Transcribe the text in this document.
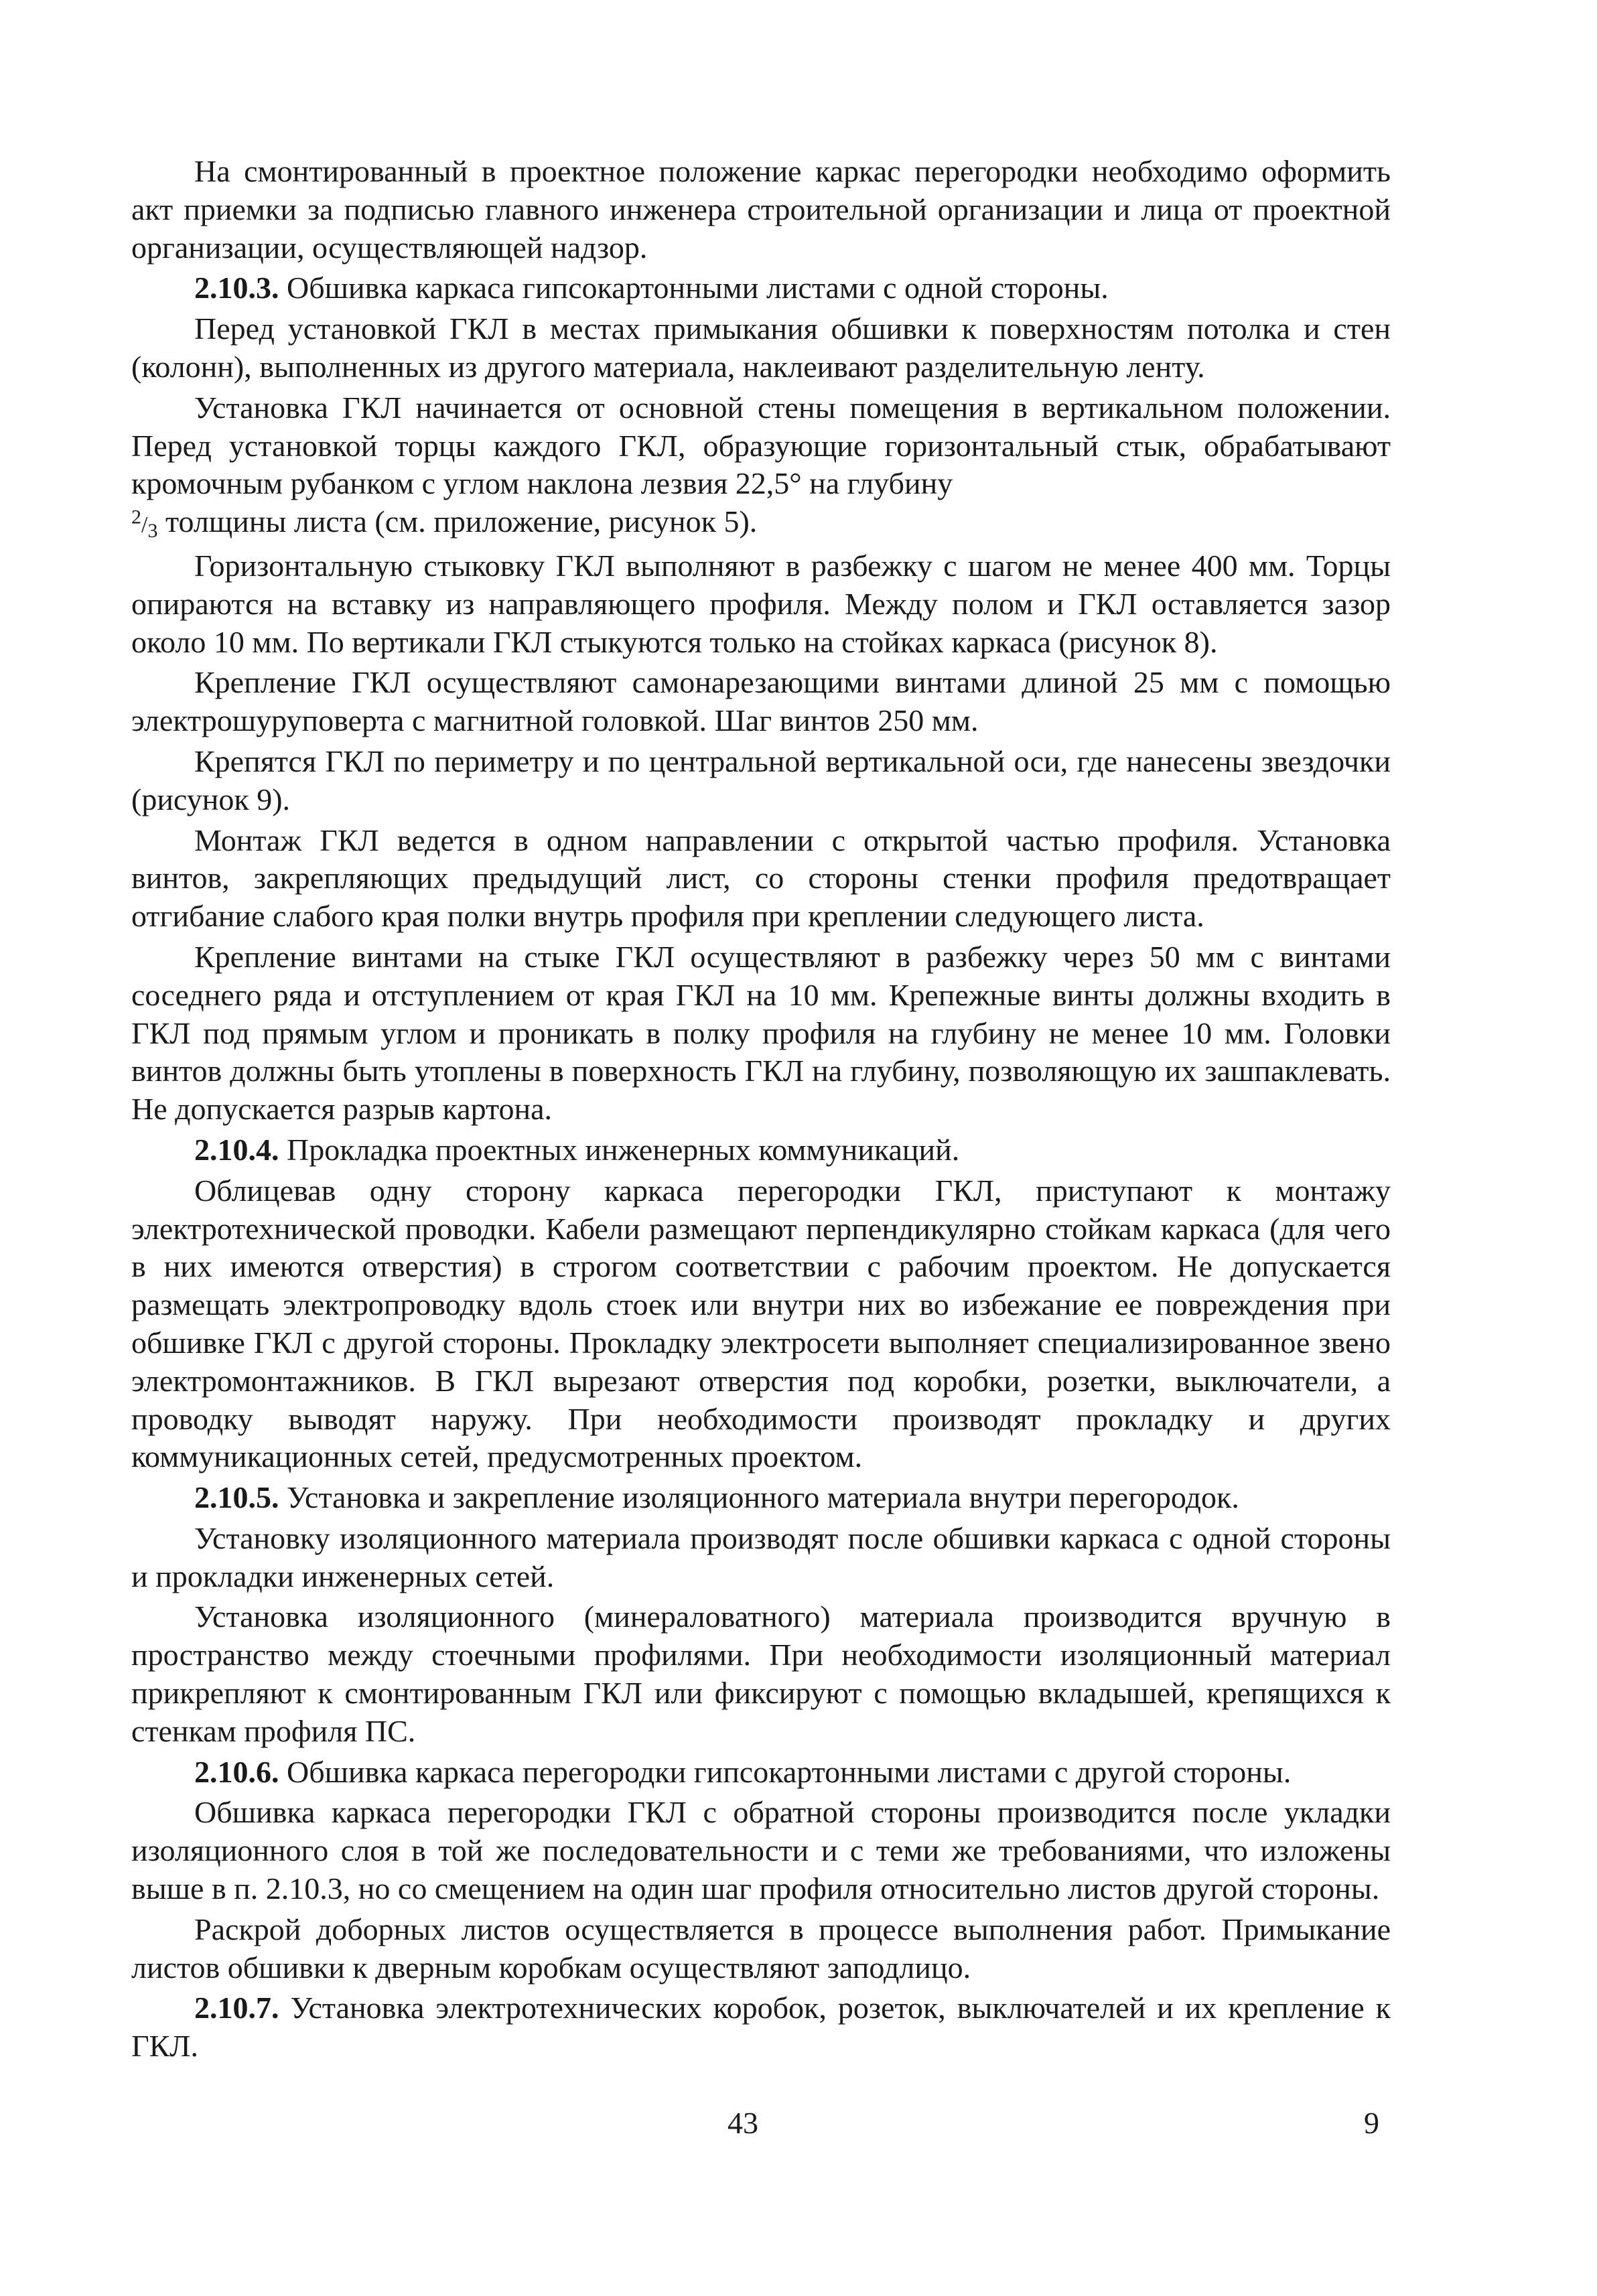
На смонтированный в проектное положение каркас перегородки необходимо оформить акт приемки за подписью главного инженера строительной организации и лица от проектной организации, осуществляющей надзор.

2.10.3. Обшивка каркаса гипсокартонными листами с одной стороны.

Перед установкой ГКЛ в местах примыкания обшивки к поверхностям потолка и стен (колонн), выполненных из другого материала, наклеивают разделительную ленту.

Установка ГКЛ начинается от основной стены помещения в вертикальном положении. Перед установкой торцы каждого ГКЛ, образующие горизонтальный стык, обрабатывают кромочным рубанком с углом наклона лезвия 22,5° на глубину
$^2/_3$ толщины листа (см. приложение, рисунок 5).

Горизонтальную стыковку ГКЛ выполняют в разбежку с шагом не менее 400 мм. Торцы опираются на вставку из направляющего профиля. Между полом и ГКЛ оставляется зазор около 10 мм. По вертикали ГКЛ стыкуются только на стойках каркаса (рисунок 8).

Крепление ГКЛ осуществляют самонарезающими винтами длиной 25 мм с помощью электрошуруповерта с магнитной головкой. Шаг винтов 250 мм.

Крепятся ГКЛ по периметру и по центральной вертикальной оси, где нанесены звездочки (рисунок 9).

Монтаж ГКЛ ведется в одном направлении с открытой частью профиля. Установка винтов, закрепляющих предыдущий лист, со стороны стенки профиля предотвращает отгибание слабого края полки внутрь профиля при креплении следующего листа.

Крепление винтами на стыке ГКЛ осуществляют в разбежку через 50 мм с винтами соседнего ряда и отступлением от края ГКЛ на 10 мм. Крепежные винты должны входить в ГКЛ под прямым углом и проникать в полку профиля на глубину не менее 10 мм. Головки винтов должны быть утоплены в поверхность ГКЛ на глубину, позволяющую их зашпаклевать. Не допускается разрыв картона.

2.10.4. Прокладка проектных инженерных коммуникаций.

Облицевав одну сторону каркаса перегородки ГКЛ, приступают к монтажу электротехнической проводки. Кабели размещают перпендикулярно стойкам каркаса (для чего в них имеются отверстия) в строгом соответствии с рабочим проектом. Не допускается размещать электропроводку вдоль стоек или внутри них во избежание ее повреждения при обшивке ГКЛ с другой стороны. Прокладку электросети выполняет специализированное звено электромонтажников. В ГКЛ вырезают отверстия под коробки, розетки, выключатели, а проводку выводят наружу. При необходимости производят прокладку и других коммуникационных сетей, предусмотренных проектом.

2.10.5. Установка и закрепление изоляционного материала внутри перегородок.

Установку изоляционного материала производят после обшивки каркаса с одной стороны и прокладки инженерных сетей.

Установка изоляционного (минераловатного) материала производится вручную в пространство между стоечными профилями. При необходимости изоляционный материал прикрепляют к смонтированным ГКЛ или фиксируют с помощью вкладышей, крепящихся к стенкам профиля ПС.

2.10.6. Обшивка каркаса перегородки гипсокартонными листами с другой стороны.

Обшивка каркаса перегородки ГКЛ с обратной стороны производится после укладки изоляционного слоя в той же последовательности и с теми же требованиями, что изложены выше в п. 2.10.3, но со смещением на один шаг профиля относительно листов другой стороны.

Раскрой доборных листов осуществляется в процессе выполнения работ. Примыкание листов обшивки к дверным коробкам осуществляют заподлицо.

2.10.7. Установка электротехнических коробок, розеток, выключателей и их крепление к ГКЛ.

43	9
